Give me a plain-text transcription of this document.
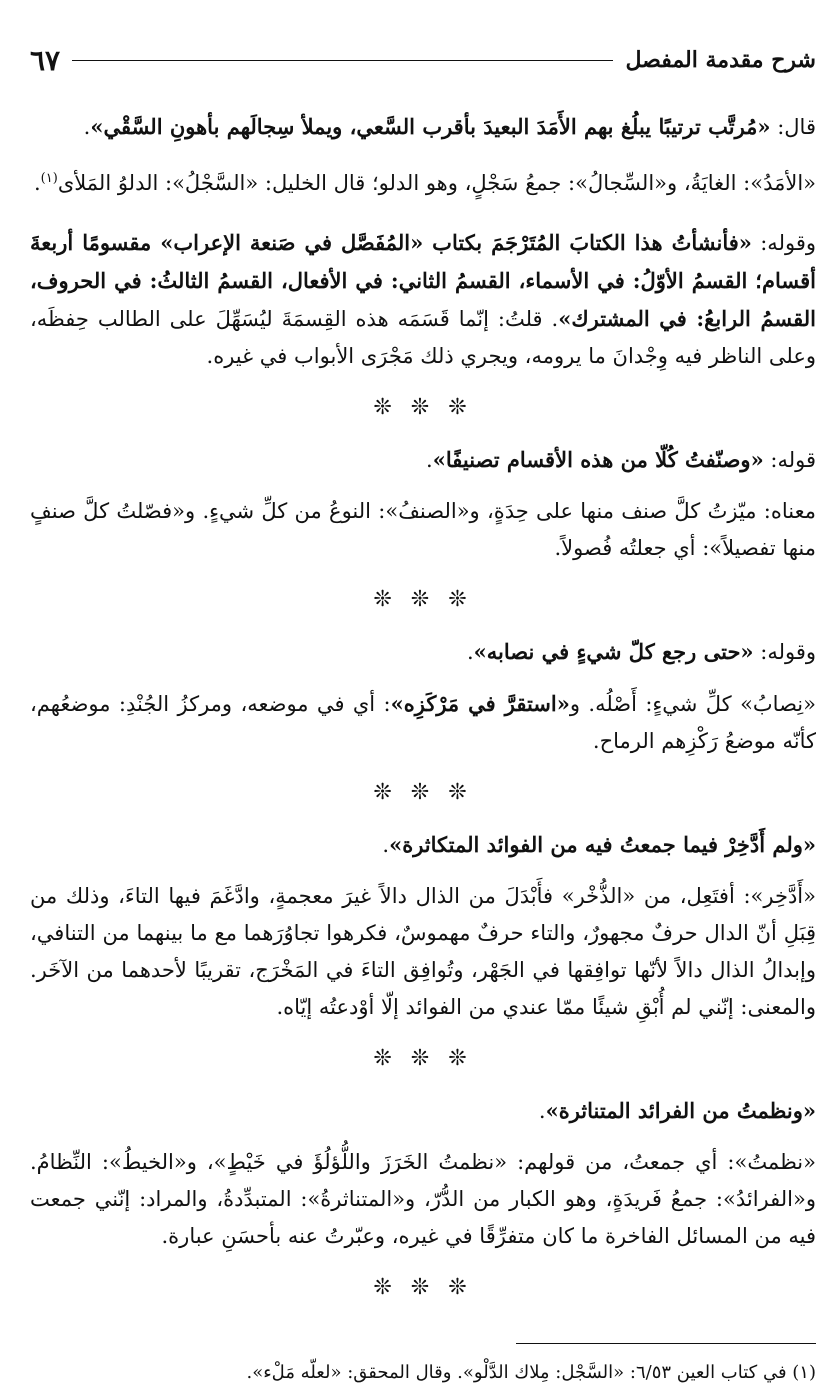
شرح مقدمة المفصل
٦٧

قال: «مُرتَّب ترتيبًا يبلُغ بهم الأَمَدَ البعيدَ بأقرب السَّعي، ويملأ سِجالَهم بأهونِ السَّقْي».

«الأمَدُ»: الغايَةُ، و«السِّجالُ»: جمعُ سَجْلٍ، وهو الدلو؛ قال الخليل: «السَّجْلُ»: الدلوُ المَلأى$^{(١)}$.

وقوله: «فأنشأتُ هذا الكتابَ المُتَرْجَمَ بكتاب «المُفَصَّل في صَنعة الإعراب» مقسومًا أربعةَ أقسام؛ القسمُ الأوّلُ: في الأسماء، القسمُ الثاني: في الأفعال، القسمُ الثالثُ: في الحروف، القسمُ الرابعُ: في المشترك». قلتُ: إنّما قَسَمَه هذه القِسمَةَ ليُسَهِّلَ على الطالب حِفظَه، وعلى الناظر فيه وِجْدانَ ما يرومه، ويجري ذلك مَجْرَى الأبواب في غيره.

❊ ❊ ❊

قوله: «وصنّفتُ كُلّا من هذه الأقسام تصنيفًا».

معناه: ميّزتُ كلَّ صنف منها على حِدَةٍ، و«الصنفُ»: النوعُ من كلِّ شيءٍ. و«فصّلتُ كلَّ صنفٍ منها تفصيلاً»: أي جعلتُه فُصولاً.

❊ ❊ ❊

وقوله: «حتى رجع كلّ شيءٍ في نصابه».

«نِصابُ» كلِّ شيءٍ: أَصْلُه. و«استقرَّ في مَرْكَزِه»: أي في موضعه، ومركزُ الجُنْدِ: موضعُهم، كأنّه موضعُ رَكْزِهم الرماح.

❊ ❊ ❊

«ولم أَدَّخِرْ فيما جمعتُ فيه من الفوائد المتكاثرة».

«أَدَّخِر»: أفتَعِل، من «الذُّخْر» فأَبْدَلَ من الذال دالاً غيرَ معجمةٍ، وادَّغَمَ فيها التاءَ، وذلك من قِبَلِ أنّ الدال حرفٌ مجهورٌ، والتاء حرفٌ مهموسٌ، فكرهوا تجاوُرَهما مع ما بينهما من التنافي، وإبدالُ الذال دالاً لأنّها توافِقها في الجَهْر، وتُوافِق التاءَ في المَخْرَج، تقريبًا لأحدهما من الآخَر. والمعنى: إنّني لم أُبْقِ شيئًا ممّا عندي من الفوائد إلّا أوْدعتُه إيّاه.

❊ ❊ ❊

«ونظمتُ من الفرائد المتناثرة».

«نظمتُ»: أي جمعتُ، من قولهم: «نظمتُ الخَرَزَ واللُّؤلُؤَ في خَيْطٍ»، و«الخيطُ»: النِّظامُ. و«الفرائدُ»: جمعُ فَريدَةٍ، وهو الكبار من الدُّرّ، و«المتناثرةُ»: المتبدِّدةُ، والمراد: إنّني جمعت فيه من المسائل الفاخرة ما كان متفرِّقًا في غيره، وعبّرتُ عنه بأحسَنِ عبارة.

❊ ❊ ❊

(١) في كتاب العين ٦/٥٣: «السَّجْل: مِلاك الدَّلْو». وقال المحقق: «لعلّه مَلْء».
